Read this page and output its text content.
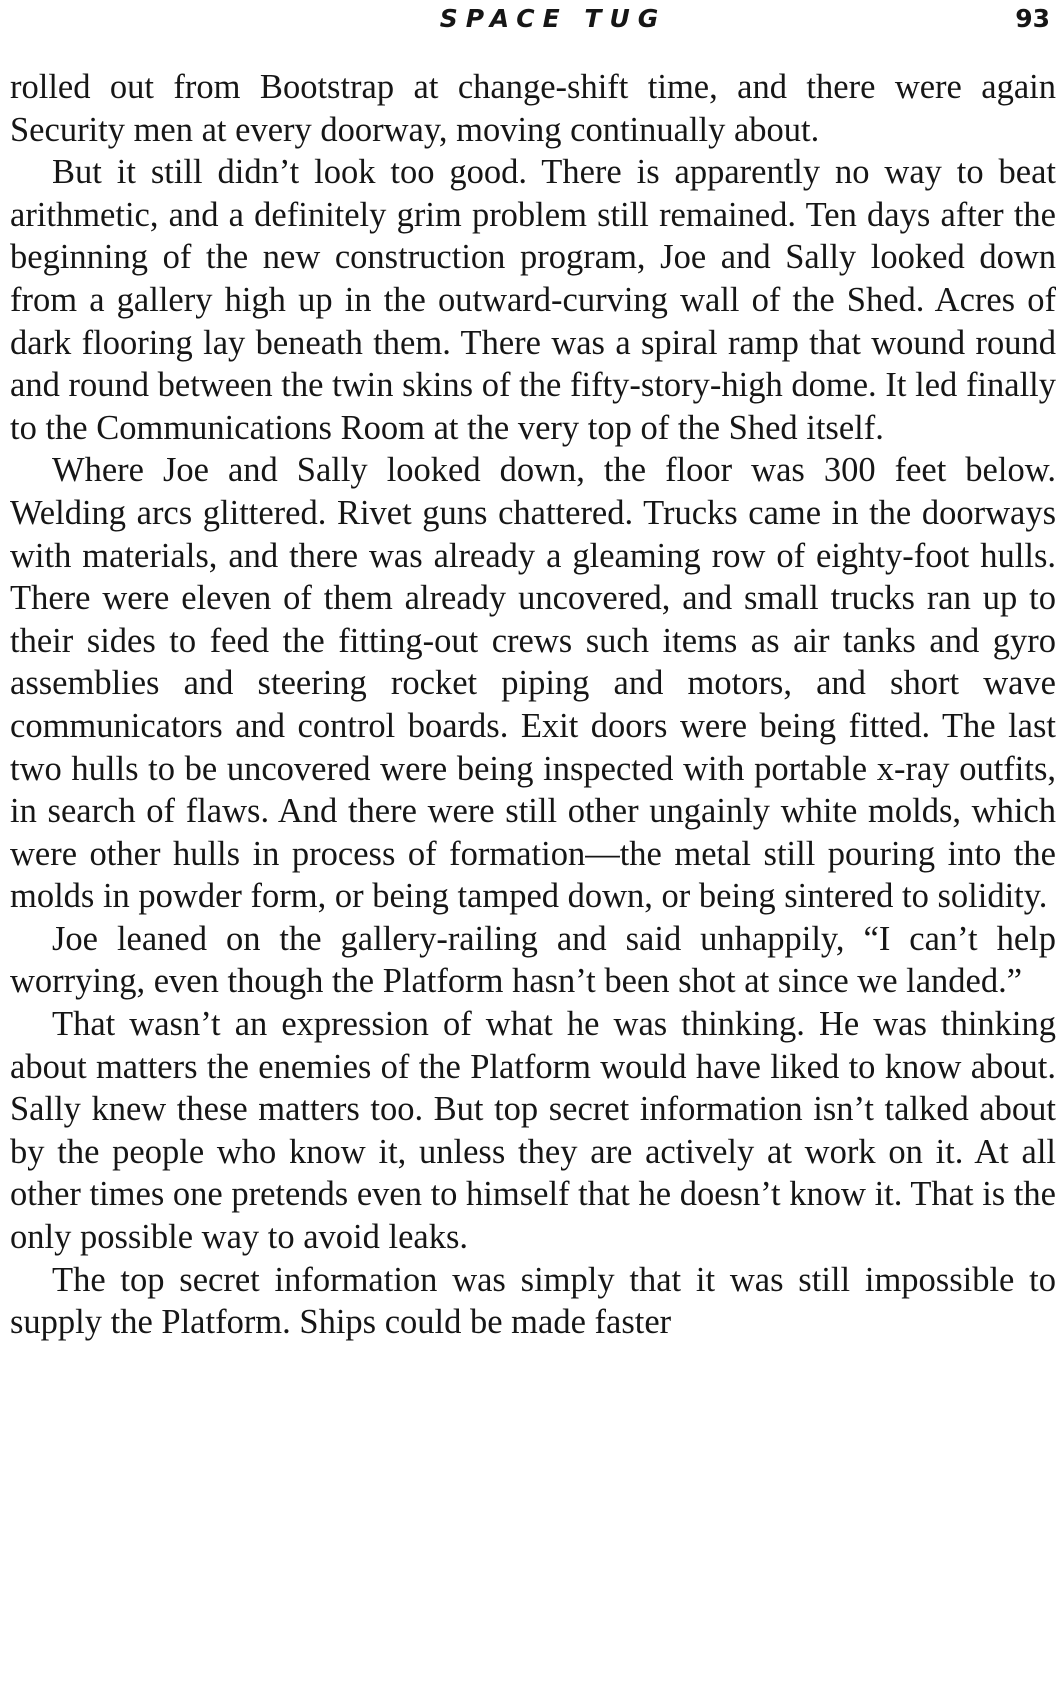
SPACE TUG	93

rolled out from Bootstrap at change-shift time, and there were again Security men at every doorway, moving continually about.

But it still didn’t look too good. There is apparently no way to beat arithmetic, and a definitely grim problem still remained. Ten days after the beginning of the new construction program, Joe and Sally looked down from a gallery high up in the outward-curving wall of the Shed. Acres of dark flooring lay beneath them. There was a spiral ramp that wound round and round between the twin skins of the fifty-story-high dome. It led finally to the Communications Room at the very top of the Shed itself.

Where Joe and Sally looked down, the floor was 300 feet below. Welding arcs glittered. Rivet guns chattered. Trucks came in the doorways with materials, and there was already a gleaming row of eighty-foot hulls. There were eleven of them already uncovered, and small trucks ran up to their sides to feed the fitting-out crews such items as air tanks and gyro assemblies and steering rocket piping and motors, and short wave communicators and control boards. Exit doors were being fitted. The last two hulls to be uncovered were being inspected with portable x-ray outfits, in search of flaws. And there were still other ungainly white molds, which were other hulls in process of formation—the metal still pouring into the molds in powder form, or being tamped down, or being sintered to solidity.

Joe leaned on the gallery-railing and said unhappily, “I can’t help worrying, even though the Platform hasn’t been shot at since we landed.”

That wasn’t an expression of what he was thinking. He was thinking about matters the enemies of the Platform would have liked to know about. Sally knew these matters too. But top secret information isn’t talked about by the people who know it, unless they are actively at work on it. At all other times one pretends even to himself that he doesn’t know it. That is the only possible way to avoid leaks.

The top secret information was simply that it was still impossible to supply the Platform. Ships could be made faster
